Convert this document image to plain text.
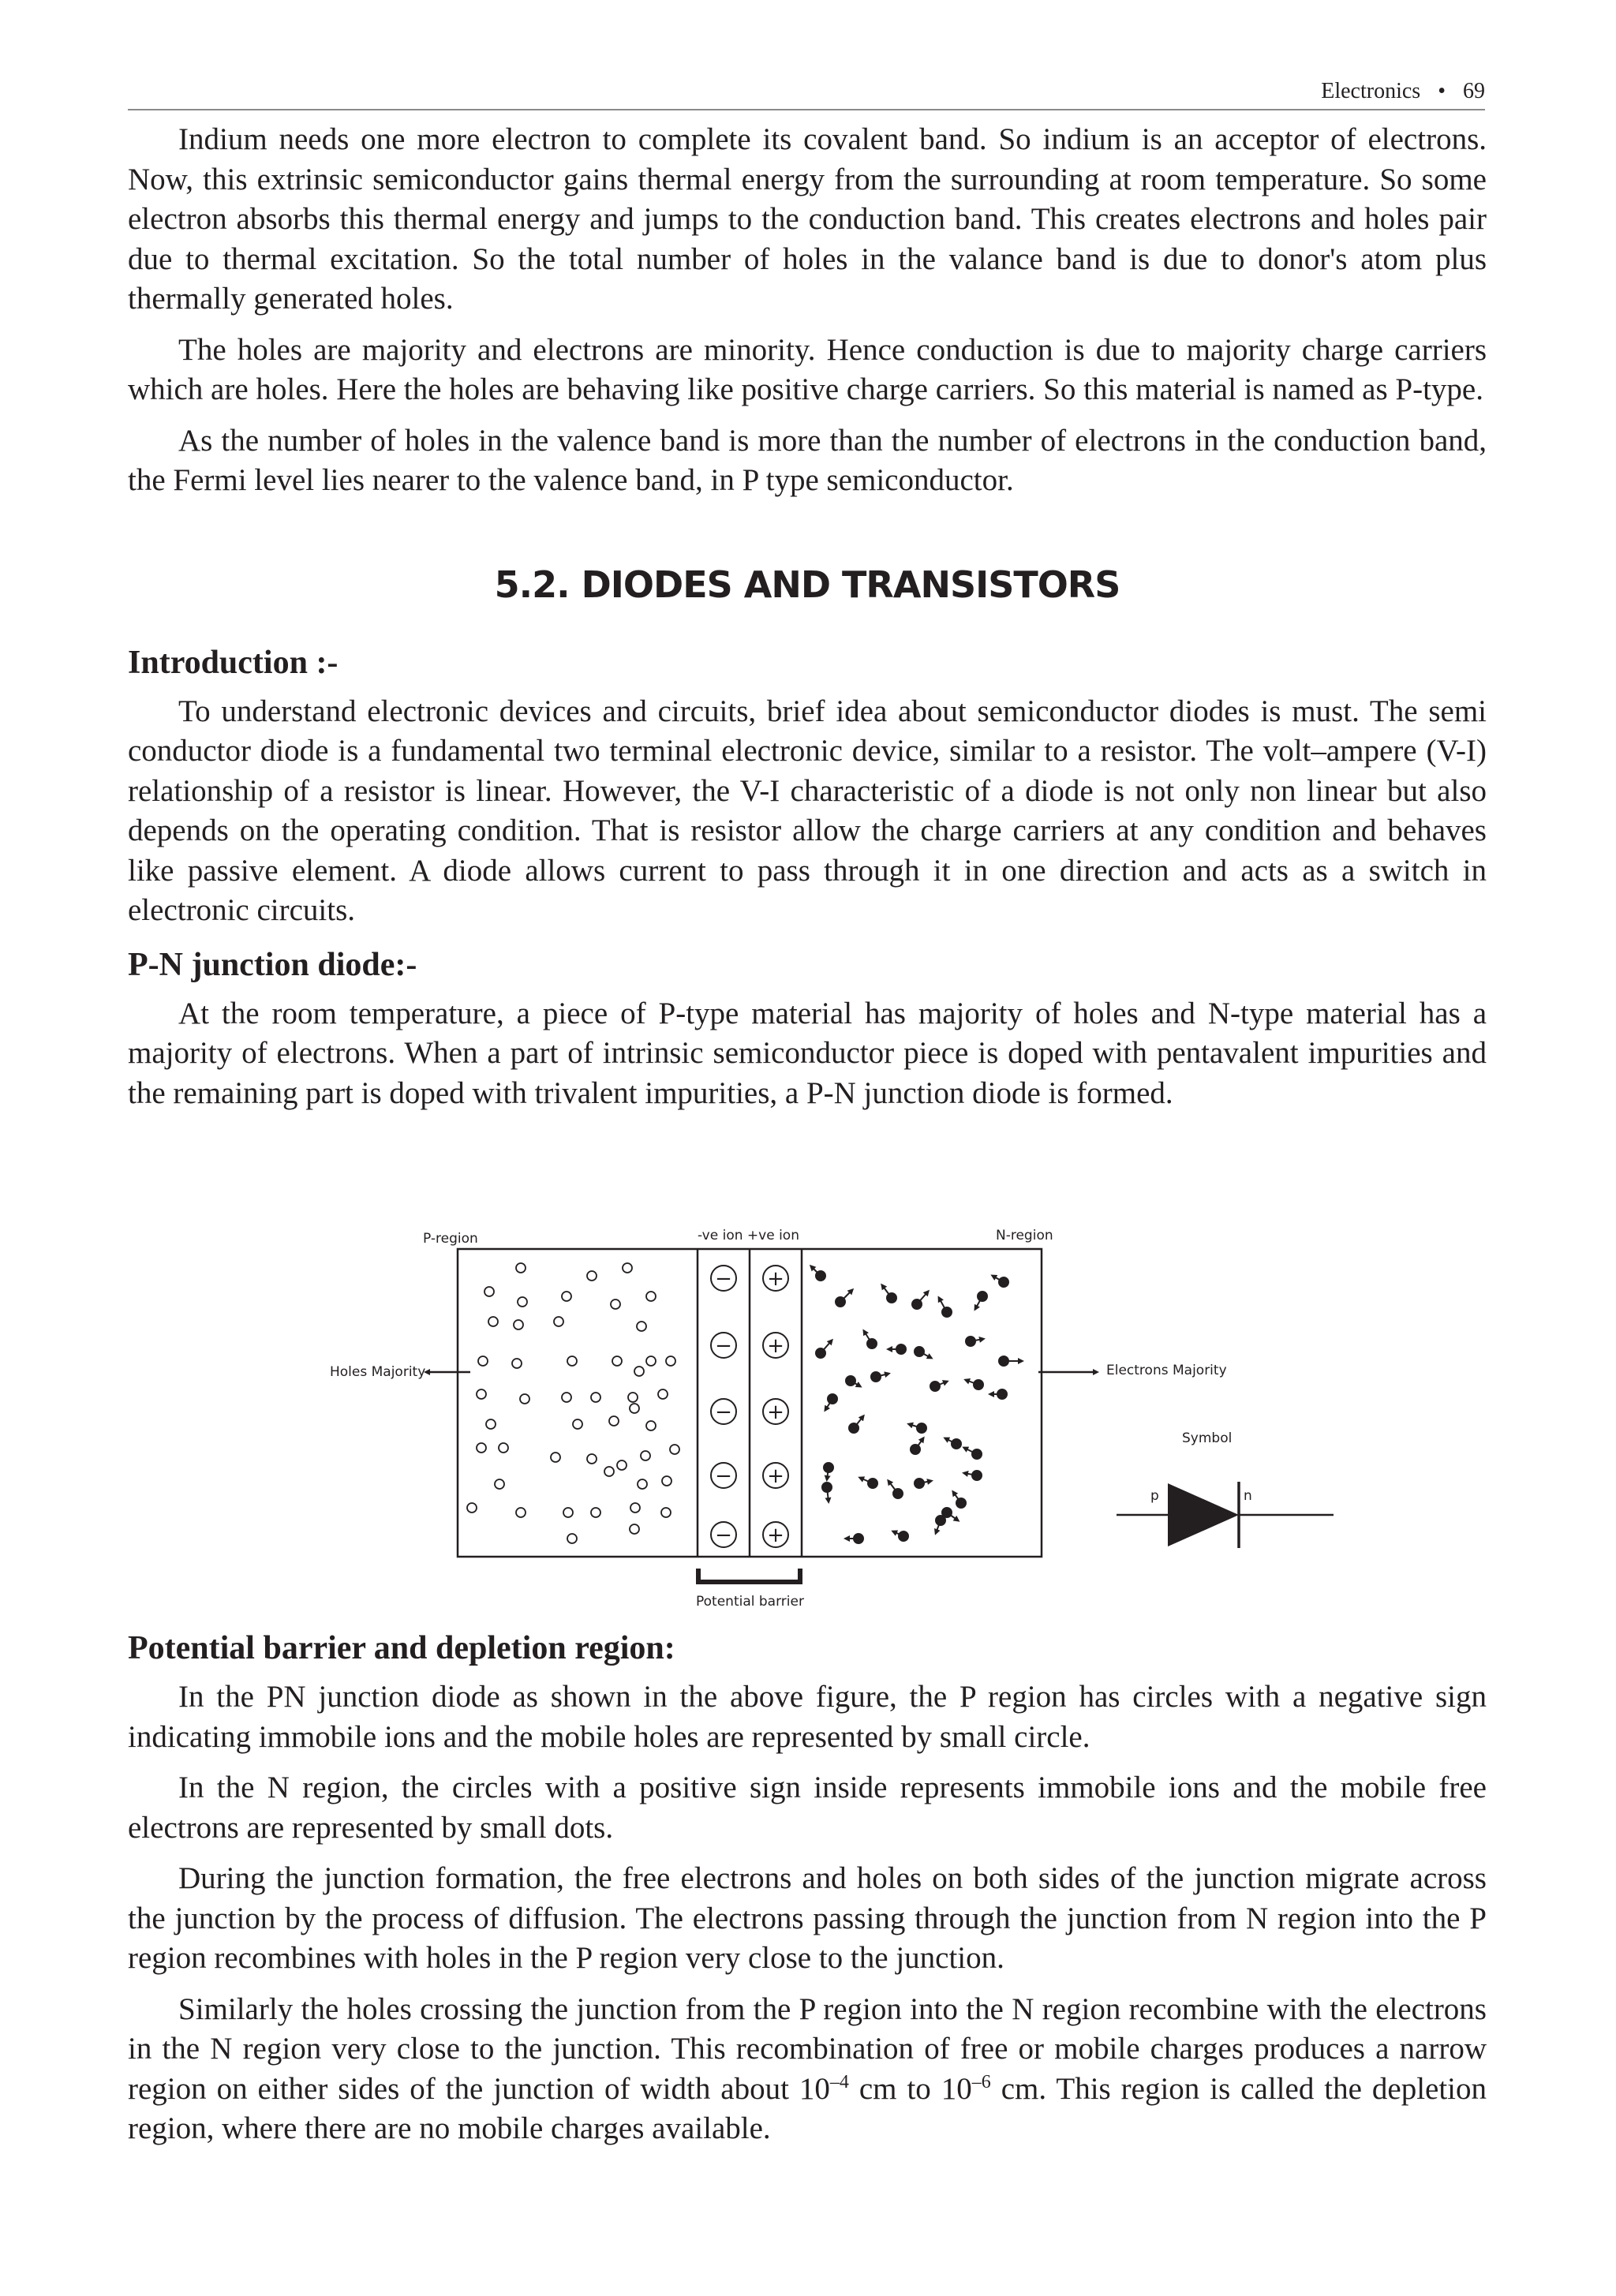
Electronics • 69

Indium needs one more electron to complete its covalent band. So indium is an acceptor of electrons. Now, this extrinsic semiconductor gains thermal energy from the surrounding at room temperature. So some electron absorbs this thermal energy and jumps to the conduction band. This creates electrons and holes pair due to thermal excitation. So the total number of holes in the valance band is due to donor's atom plus thermally generated holes.

The holes are majority and electrons are minority. Hence conduction is due to majority charge carriers which are holes. Here the holes are behaving like positive charge carriers. So this material is named as P-type.

As the number of holes in the valence band is more than the number of electrons in the conduction band, the Fermi level lies nearer to the valence band, in P type semiconductor.

5.2. DIODES AND TRANSISTORS
Introduction :-

To understand electronic devices and circuits, brief idea about semiconductor diodes is must. The semi conductor diode is a fundamental two terminal electronic device, similar to a resistor. The volt–ampere (V-I) relationship of a resistor is linear. However, the V-I characteristic of a diode is not only non linear but also depends on the operating condition. That is resistor allow the charge carriers at any condition and behaves like passive element. A diode allows current to pass through it in one direction and acts as a switch in electronic circuits.

P-N junction diode:-

At the room temperature, a piece of P-type material has majority of holes and N-type material has a majority of electrons. When a part of intrinsic semiconductor piece is doped with pentavalent impurities and the remaining part is doped with trivalent impurities, a P-N junction diode is formed.

P-region	-ve ion +ve ion	N-region
Holes Majority	Electrons Majority
Symbol
p	n
Potential barrier
−
−
−
−
−
+
+
+
+
+
Potential barrier and depletion region:

In the PN junction diode as shown in the above figure, the P region has circles with a negative sign indicating immobile ions and the mobile holes are represented by small circle.

In the N region, the circles with a positive sign inside represents immobile ions and the mobile free electrons are represented by small dots.

During the junction formation, the free electrons and holes on both sides of the junction migrate across the junction by the process of diffusion. The electrons passing through the junction from N region into the P region recombines with holes in the P region very close to the junction.

Similarly the holes crossing the junction from the P region into the N region recombine with the electrons in the N region very close to the junction. This recombination of free or mobile charges produces a narrow region on either sides of the junction of width about $10^{-4}$ cm to $10^{-6}$ cm. This region is called the depletion region, where there are no mobile charges available.
